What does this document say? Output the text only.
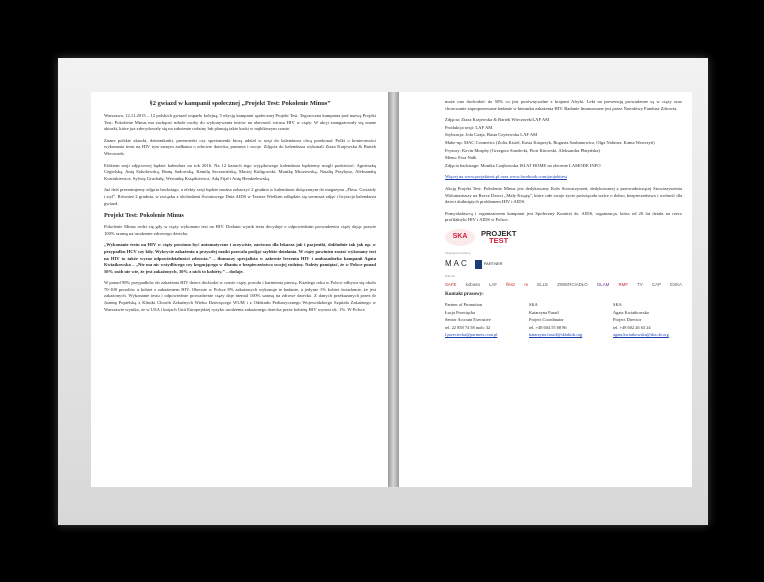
§2 gwiazd w kampanii społecznej „Projekt Test: Pokolenie Minus”

Warszawa, 12.11.2015 – 12 polskich gwiazd wsparło kolejną, 5 edycję kampanii społecznej Projekt Test. Tegoroczna kampania pod nazwą Projekt Test: Pokolenie Minus ma zachęcać młode osoby do wykonywania testów na obecność wirusa HIV w ciąży. W akcji zaangażowały się znane aktorki, które już zdecydowały się na założenie rodziny lub planują takie kroki w najbliższym czasie.

Znane polskie aktorki, dziennikarki, prezenterki czy sportsmenki biorą udział w sesji do kalendarza chcą przekonać Polki o konieczności wykonania testu na HIV tym samym zadbania o zdrowie dziecka, partnera i swoje. Zdjęcia do kalendarza wykonali Ziaza Krajewska & Bartek Wieczorek.

Efektem sesji zdjęciowej będzie kalendarz na rok 2016. Na 12 kartach tego wyjątkowego kalendarza będziemy mogli podziwiać: Agnieszkę Cegielską, Anię Sokołowską, Beatę Sadowską, Kamilę Szczawińską, Maciej Kuligowski, Monikę Mrozowską, Natalię Przybysz, Aleksandrę Kostiukiewicz, Sylwię Gruchałę, Weronikę Książkiewicz, Adę Fijał i Anię Hendzelewską.

Już dziś prezentujemy zdjęcia backstage, a efekty sesji będzie można zobaczyć 2 grudnia w kalendarzu dołączonym do magazynu „Flesz. Gwiazdy i styl”. Również 2 grudnia, w związku z obchodami Światowego Dnia AIDS w Teatrze Wielkim odbędzie się wernisaż zdjęć i licytacja kalendarza gwiazd.

Projekt Test: Pokolenie Minus

Pokolenie Minus rodzi się gdy w ciąży wykonano test na HIV. Dodatni wynik testu decyduje o odpowiednim prowadzeniu ciąży dając prawie 100% szansę na urodzenie zdrowego dziecka.

„Wykonanie testu na HIV w ciąży powinno być automatyczne i oczywiste, zarówno dla lekarza jak i pacjentki, dokładnie tak jak np. w przypadku HCV czy kiły. Wykrycie zakażenia u przyszłej matki pozwala podjąć szybkie działania. W ciąży powinien zostać wykonany test na HIV to także wyraz odpowiedzialności zdrowia.” – tłumaczy specjalista w zakresie leczenia HIV i ambasadorka kampanii Agata Kwiatkowska – „Nie ma nic wstydliwego czy krępującego w dbaniu o bezpieczeństwo swojej rodziny. Należy pamiętać, że w Polsce ponad 50% osób nie wie, że jest zakażonych, 30% z nich to kobiety.” – dodaje.

W ponad 90% przypadków do zakażenia HIV dzieci dochodzi w czasie ciąży, porodu i karmienia piersią. Każdego roku w Polsce odbywa się około 70-100 porodów u kobiet z zakażeniem HIV. Obecnie w Polsce 8% zakażonych wykonuje te badanie, a jedynie 1% kobiet świadomie, że jest zakażonych. Wykonanie testu i odpowiednie prowadzenie ciąży daje niemal 100% szansę na zdrowe dziecko. Z danych przekazanych przez dr Joannę Popielską z Kliniki Chorób Zakaźnych Wieku Dziecięcego WUM i z Oddziału Pediatrycznego Wojewódzkiego Szpitala Zakaźnego w Warszawie wynika, że w USA i krajach Unii Europejskiej ryzyko urodzenia zakażonego dziecka przez kobietę HIV wynosi ok. 1%. W Polsce

może ono dochodzić do 50% co jest porównywalne z krajami Afryki. Leki na prewencję prowadzone są w ciąży oraz chorowanie zaproponowane badanie w kierunku zakażenia HIV. Badanie finansowane jest przez Narodowy Fundusz Zdrowia.

Zdjęcia: Ziaza Krajewska & Bartek Wieczorek/LAF AM

Produkcja sesji: LAF AM

Stylizacja: Jola Czaja, Basia Czyżewska LAF AM

Make-up: MAC Cosmetics (Zofia Kisiel, Kasia Kasprzyk, Bogusia Szubanowicz, Olga Nohmer, Kama Wawrzyń)

Fryzury: Kevin Murphy (Grzegorz Sondecki, Piotr Kitowski, Aleksandra Płatyńska)

Menu: Ewa Nałk

Zdjęcia backstage: Monika Czajkowska ISI AT HOME na zlecenie LAMODE INFO

Więcej na www.projekttest.pl oraz www.facebook.com/projekttest

Akcję Projekt Test: Pokolenie Minus jest dedykowany Koło Stowarzyszeń, dedykowanej z przewodniczącej Stowarzyszenia Wolontariuszy na Rzecz Dzieci „Mały Książę”, które całe swoje życie poświęcała walce o dobro, bezpieczeństwo i wolność dla dzieci dotkniętych problemem HIV i AIDS.

Pomysłodawcą i organizatorem kampanii jest Społeczny Komitet ds. AIDS, organizacja, która od 20 lat działa na rzecz profilaktyki HIV i AIDS w Polsce.

SKA	PROJEKT
TEST

Współpracownicy

MAC	PARTNER

Patroni

SAFE kobieta LAF flesz m ELLE ZWIERCIADŁO GLAM RMF TV CAP ESKA
Kontakt prasowy:
Partner of Promotion
Łucja Przecięcka
Senior Account Executive
tel. 22 858 74 58 mob: 32
l.przeciecka@partners.com.pl
SKA
Katarzyna Pusztl
Project Coordinator
tel. +48 604 55 68 86
katarzyna.fusztl@sklakids.org
SKA
Agata Kwiatkowska
Project Director
tel. +48 602 26 63 24
agata.kwiatkowska@ska.do.org
